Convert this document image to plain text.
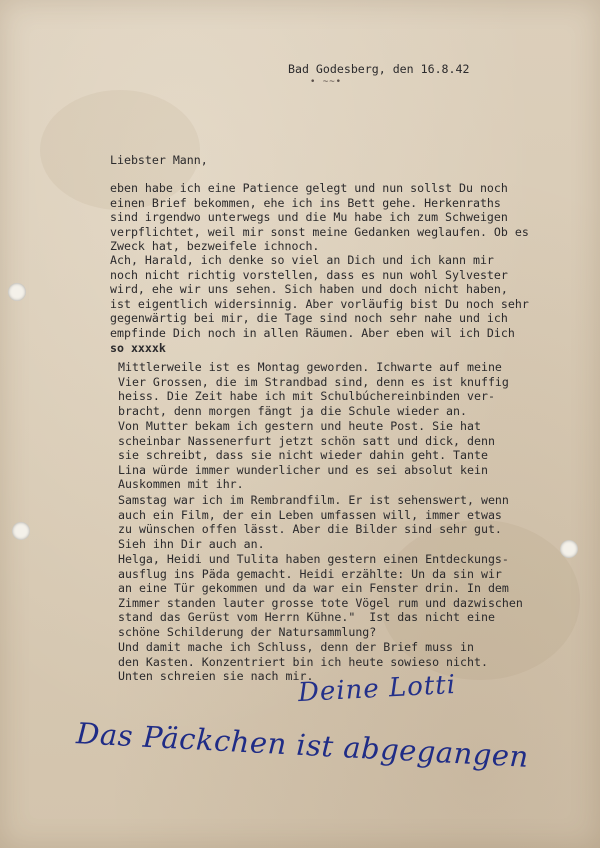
Bad Godesberg, den 16.8.42
• ~~•
Liebster Mann,
eben habe ich eine Patience gelegt und nun sollst Du noch
einen Brief bekommen, ehe ich ins Bett gehe. Herkenraths
sind irgendwo unterwegs und die Mu habe ich zum Schweigen
verpflichtet, weil mir sonst meine Gedanken weglaufen. Ob es
Zweck hat, bezweifele ichnoch.
Ach, Harald, ich denke so viel an Dich und ich kann mir
noch nicht richtig vorstellen, dass es nun wohl Sylvester
wird, ehe wir uns sehen. Sich haben und doch nicht haben,
ist eigentlich widersinnig. Aber vorläufig bist Du noch sehr
gegenwärtig bei mir, die Tage sind noch sehr nahe und ich
empfinde Dich noch in allen Räumen. Aber eben wil ich Dich
so xxxxk
Mittlerweile ist es Montag geworden. Ichwarte auf meine
Vier Grossen, die im Strandbad sind, denn es ist knuffig
heiss. Die Zeit habe ich mit Schulbúchereinbinden ver-
bracht, denn morgen fängt ja die Schule wieder an.
Von Mutter bekam ich gestern und heute Post. Sie hat
scheinbar Nassenerfurt jetzt schön satt und dick, denn
sie schreibt, dass sie nicht wieder dahin geht. Tante
Lina würde immer wunderlicher und es sei absolut kein
Auskommen mit ihr.
Samstag war ich im Rembrandfilm. Er ist sehenswert, wenn
auch ein Film, der ein Leben umfassen will, immer etwas
zu wünschen offen lässt. Aber die Bilder sind sehr gut.
Sieh ihn Dir auch an.
Helga, Heidi und Tulita haben gestern einen Entdeckungs-
ausflug ins Päda gemacht. Heidi erzählte: Un da sin wir
an eine Tür gekommen und da war ein Fenster drin. In dem
Zimmer standen lauter grosse tote Vögel rum und dazwischen
stand das Gerüst vom Herrn Kühne."  Ist das nicht eine
schöne Schilderung der Natursammlung?
Und damit mache ich Schluss, denn der Brief muss in
den Kasten. Konzentriert bin ich heute sowieso nicht.
Unten schreien sie nach mir.
Deine Lotti
Das Päckchen ist abgegangen
